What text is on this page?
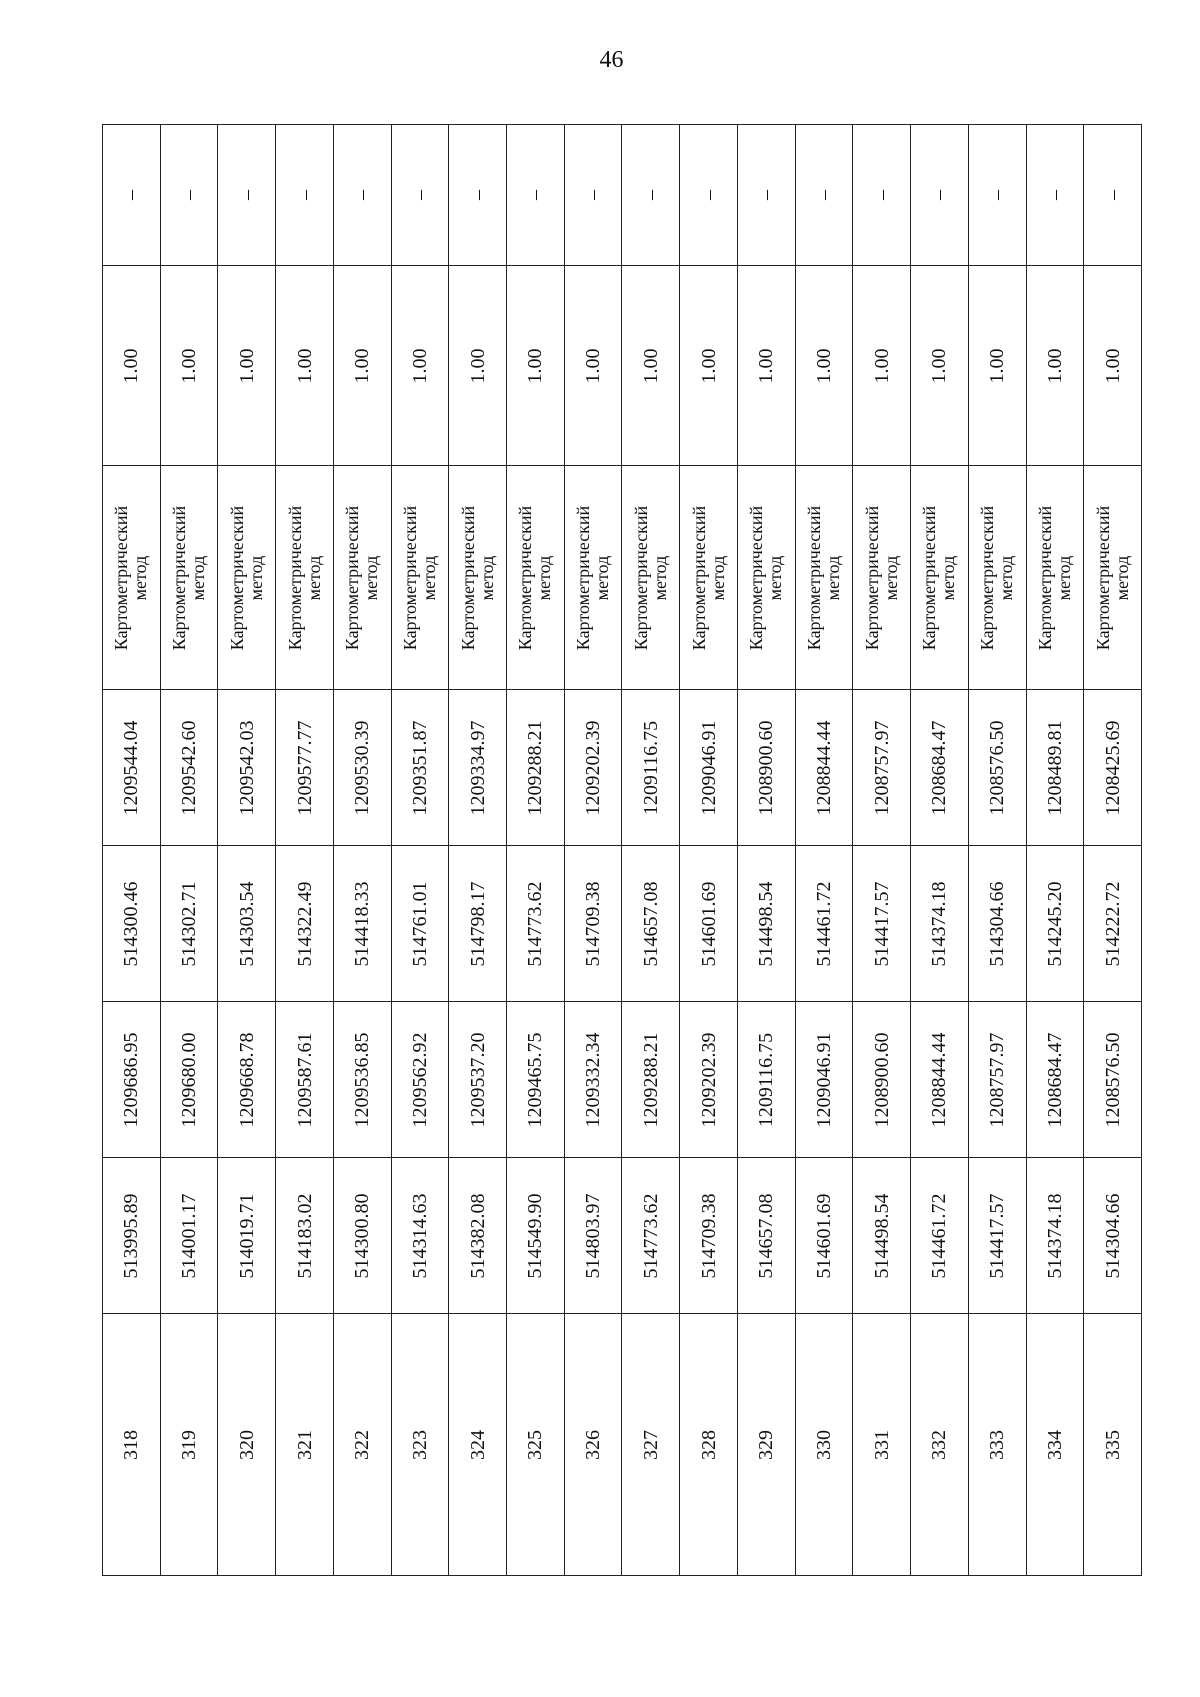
46
–
1.00
Картометрический метод
1209544.04
514300.46
1209686.95
513995.89
318
–
1.00
Картометрический метод
1209542.60
514302.71
1209680.00
514001.17
319
–
1.00
Картометрический метод
1209542.03
514303.54
1209668.78
514019.71
320
–
1.00
Картометрический метод
1209577.77
514322.49
1209587.61
514183.02
321
–
1.00
Картометрический метод
1209530.39
514418.33
1209536.85
514300.80
322
–
1.00
Картометрический метод
1209351.87
514761.01
1209562.92
514314.63
323
–
1.00
Картометрический метод
1209334.97
514798.17
1209537.20
514382.08
324
–
1.00
Картометрический метод
1209288.21
514773.62
1209465.75
514549.90
325
–
1.00
Картометрический метод
1209202.39
514709.38
1209332.34
514803.97
326
–
1.00
Картометрический метод
1209116.75
514657.08
1209288.21
514773.62
327
–
1.00
Картометрический метод
1209046.91
514601.69
1209202.39
514709.38
328
–
1.00
Картометрический метод
1208900.60
514498.54
1209116.75
514657.08
329
–
1.00
Картометрический метод
1208844.44
514461.72
1209046.91
514601.69
330
–
1.00
Картометрический метод
1208757.97
514417.57
1208900.60
514498.54
331
–
1.00
Картометрический метод
1208684.47
514374.18
1208844.44
514461.72
332
–
1.00
Картометрический метод
1208576.50
514304.66
1208757.97
514417.57
333
–
1.00
Картометрический метод
1208489.81
514245.20
1208684.47
514374.18
334
–
1.00
Картометрический метод
1208425.69
514222.72
1208576.50
514304.66
335
